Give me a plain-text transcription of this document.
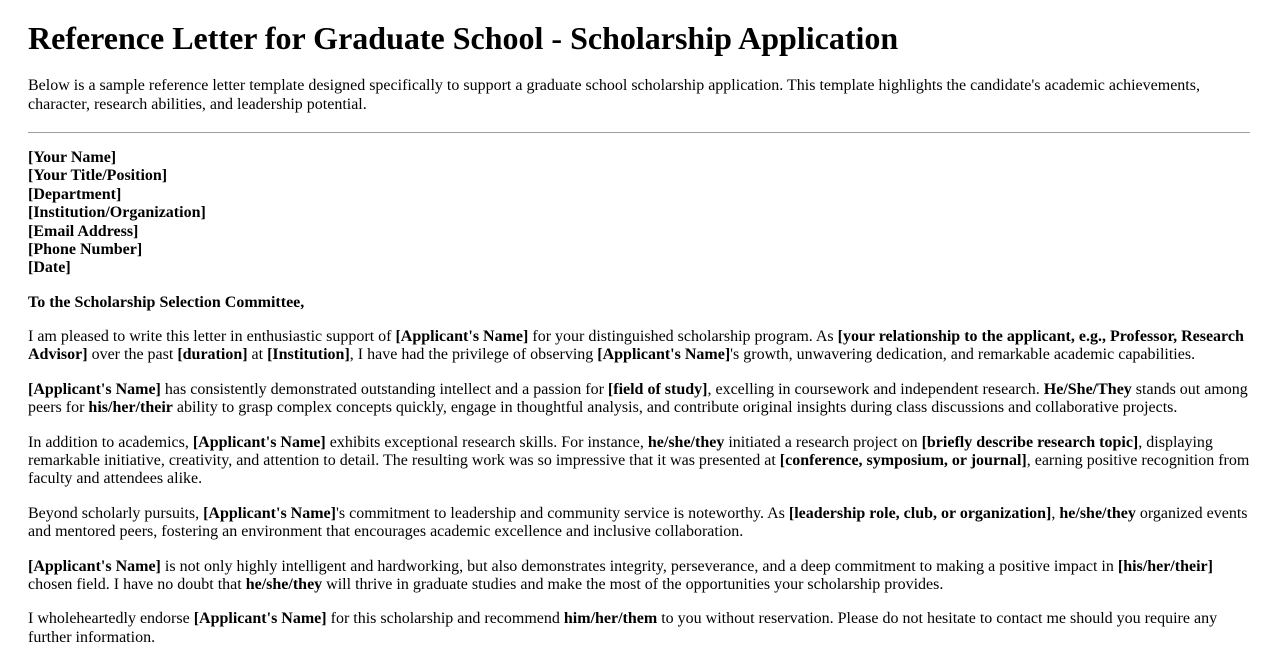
Reference Letter for Graduate School - Scholarship Application

Below is a sample reference letter template designed specifically to support a graduate school scholarship application. This template highlights the candidate's academic achievements, character, research abilities, and leadership potential.

[Your Name]
[Your Title/Position]
[Department]
[Institution/Organization]
[Email Address]
[Phone Number]
[Date]

To the Scholarship Selection Committee,

I am pleased to write this letter in enthusiastic support of [Applicant's Name] for your distinguished scholarship program. As [your relationship to the applicant, e.g., Professor, Research Advisor] over the past [duration] at [Institution], I have had the privilege of observing [Applicant's Name]'s growth, unwavering dedication, and remarkable academic capabilities.

[Applicant's Name] has consistently demonstrated outstanding intellect and a passion for [field of study], excelling in coursework and independent research. He/She/They stands out among peers for his/her/their ability to grasp complex concepts quickly, engage in thoughtful analysis, and contribute original insights during class discussions and collaborative projects.

In addition to academics, [Applicant's Name] exhibits exceptional research skills. For instance, he/she/they initiated a research project on [briefly describe research topic], displaying remarkable initiative, creativity, and attention to detail. The resulting work was so impressive that it was presented at [conference, symposium, or journal], earning positive recognition from faculty and attendees alike.

Beyond scholarly pursuits, [Applicant's Name]'s commitment to leadership and community service is noteworthy. As [leadership role, club, or organization], he/she/they organized events and mentored peers, fostering an environment that encourages academic excellence and inclusive collaboration.

[Applicant's Name] is not only highly intelligent and hardworking, but also demonstrates integrity, perseverance, and a deep commitment to making a positive impact in [his/her/their] chosen field. I have no doubt that he/she/they will thrive in graduate studies and make the most of the opportunities your scholarship provides.

I wholeheartedly endorse [Applicant's Name] for this scholarship and recommend him/her/them to you without reservation. Please do not hesitate to contact me should you require any further information.
